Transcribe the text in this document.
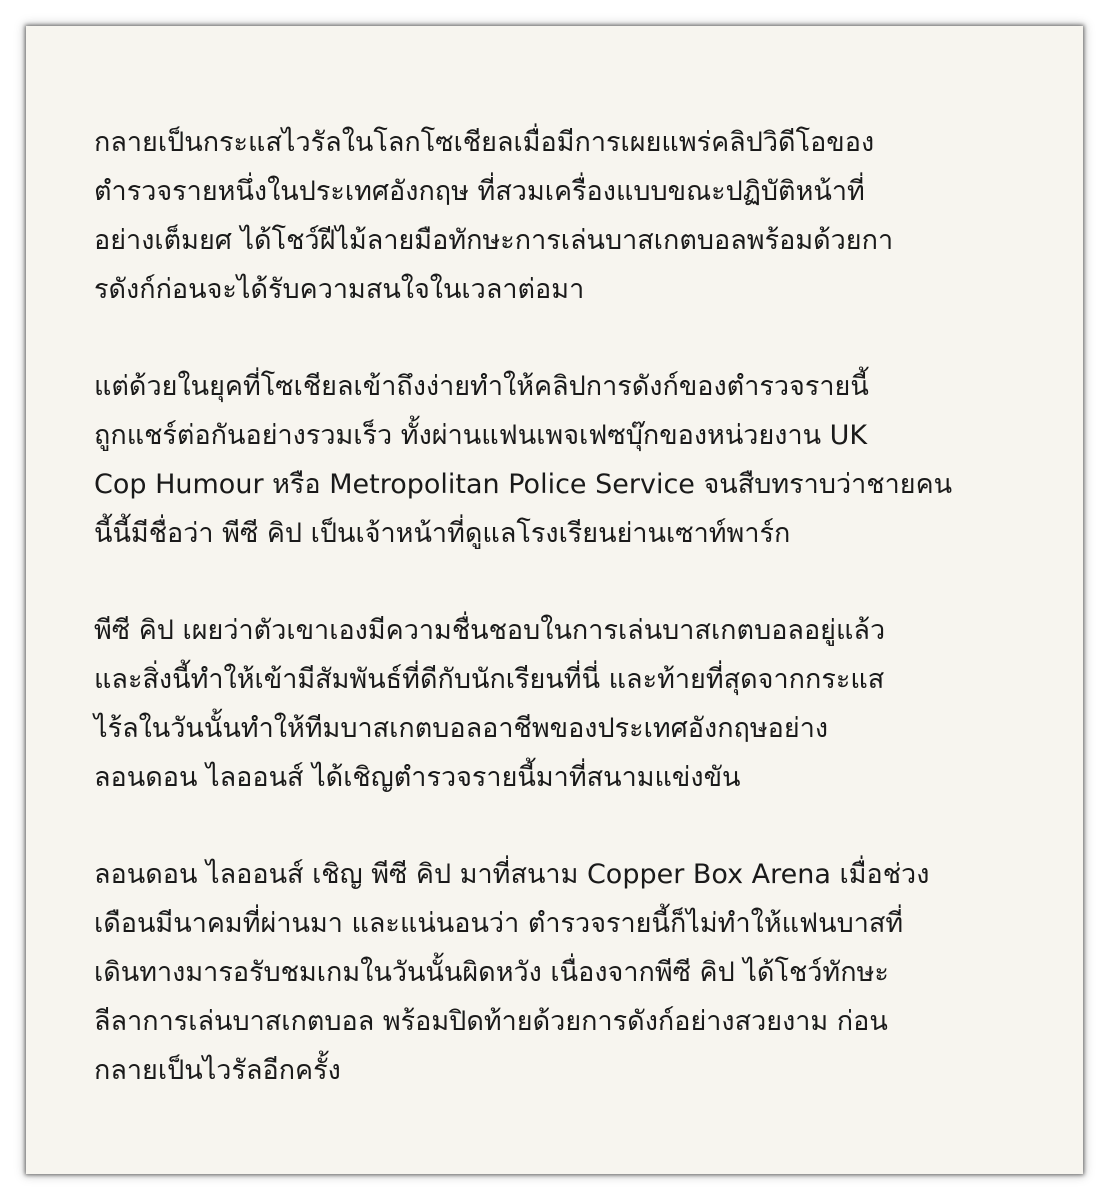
กลายเป็นกระแสไวรัลในโลกโซเชียลเมื่อมีการเผยแพร่คลิปวิดีโอของ
ตำรวจรายหนึ่งในประเทศอังกฤษ ที่สวมเครื่องแบบขณะปฏิบัติหน้าที่
อย่างเต็มยศ ได้โชว์ฝีไม้ลายมือทักษะการเล่นบาสเกตบอลพร้อมด้วยกา
รดังก์ก่อนจะได้รับความสนใจในเวลาต่อมา

แต่ด้วยในยุคที่โซเชียลเข้าถึงง่ายทำให้คลิปการดังก์ของตำรวจรายนี้
ถูกแชร์ต่อกันอย่างรวมเร็ว ทั้งผ่านแฟนเพจเฟซบุ๊กของหน่วยงาน UK
Cop Humour หรือ Metropolitan Police Service จนสืบทราบว่าชายคน
นี้นี้มีชื่อว่า พีซี คิป เป็นเจ้าหน้าที่ดูแลโรงเรียนย่านเซาท์พาร์ก

พีซี คิป เผยว่าตัวเขาเองมีความชื่นชอบในการเล่นบาสเกตบอลอยู่แล้ว
และสิ่งนี้ทำให้เข้ามีสัมพันธ์ที่ดีกับนักเรียนที่นี่ และท้ายที่สุดจากกระแส
ไร้ลในวันนั้นทำให้ทีมบาสเกตบอลอาชีพของประเทศอังกฤษอย่าง
ลอนดอน ไลออนส์ ได้เชิญตำรวจรายนี้มาที่สนามแข่งขัน

ลอนดอน ไลออนส์ เชิญ พีซี คิป มาที่สนาม Copper Box Arena เมื่อช่วง
เดือนมีนาคมที่ผ่านมา และแน่นอนว่า ตำรวจรายนี้ก็ไม่ทำให้แฟนบาสที่
เดินทางมารอรับชมเกมในวันนั้นผิดหวัง เนื่องจากพีซี คิป ได้โชว์ทักษะ
ลีลาการเล่นบาสเกตบอล พร้อมปิดท้ายด้วยการดังก์อย่างสวยงาม ก่อน
กลายเป็นไวรัลอีกครั้ง
